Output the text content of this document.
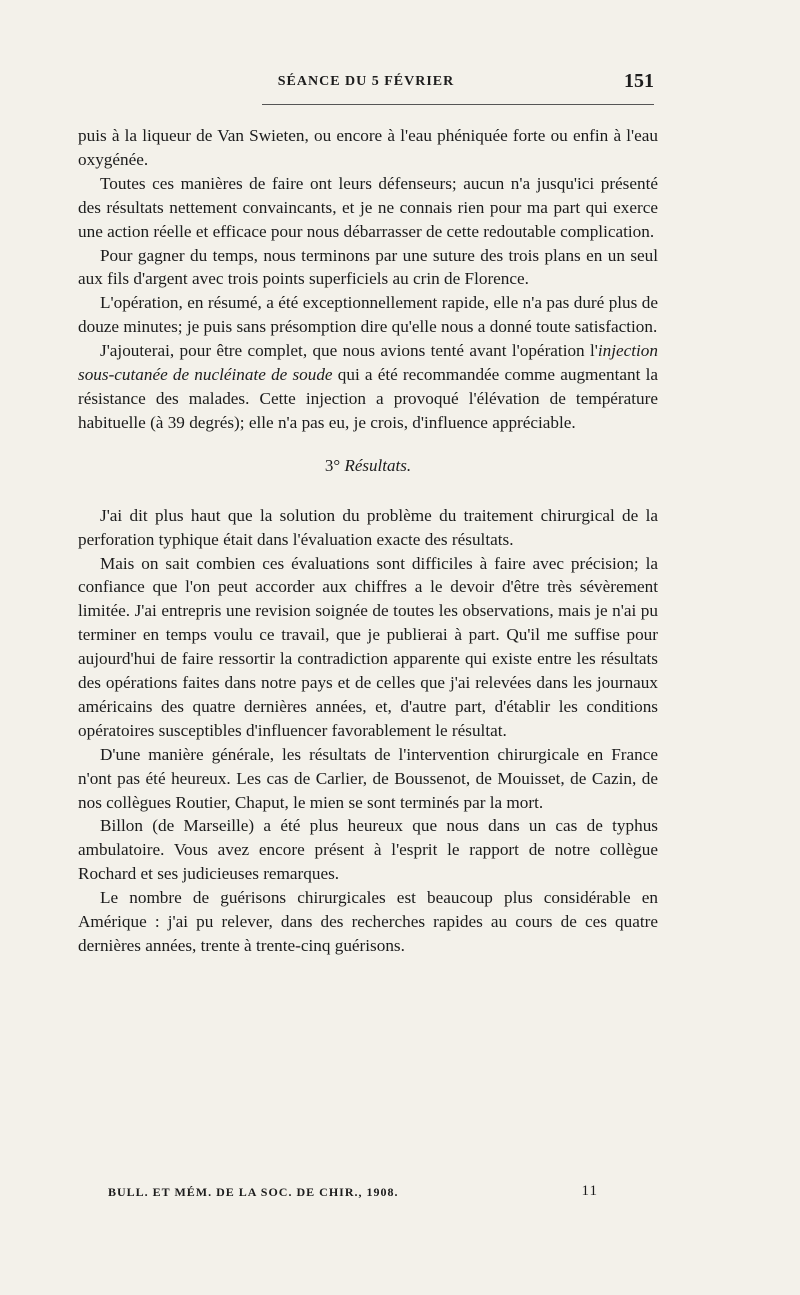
SÉANCE DU 5 FÉVRIER	151

puis à la liqueur de Van Swieten, ou encore à l'eau phéniquée forte ou enfin à l'eau oxygénée.

Toutes ces manières de faire ont leurs défenseurs; aucun n'a jusqu'ici présenté des résultats nettement convaincants, et je ne connais rien pour ma part qui exerce une action réelle et efficace pour nous débarrasser de cette redoutable complication.

Pour gagner du temps, nous terminons par une suture des trois plans en un seul aux fils d'argent avec trois points superficiels au crin de Florence.

L'opération, en résumé, a été exceptionnellement rapide, elle n'a pas duré plus de douze minutes; je puis sans présomption dire qu'elle nous a donné toute satisfaction.

J'ajouterai, pour être complet, que nous avions tenté avant l'opération l'injection sous-cutanée de nucléinate de soude qui a été recommandée comme augmentant la résistance des malades. Cette injection a provoqué l'élévation de température habituelle (à 39 degrés); elle n'a pas eu, je crois, d'influence appréciable.

3° Résultats.

J'ai dit plus haut que la solution du problème du traitement chirurgical de la perforation typhique était dans l'évaluation exacte des résultats.

Mais on sait combien ces évaluations sont difficiles à faire avec précision; la confiance que l'on peut accorder aux chiffres a le devoir d'être très sévèrement limitée. J'ai entrepris une revision soignée de toutes les observations, mais je n'ai pu terminer en temps voulu ce travail, que je publierai à part. Qu'il me suffise pour aujourd'hui de faire ressortir la contradiction apparente qui existe entre les résultats des opérations faites dans notre pays et de celles que j'ai relevées dans les journaux américains des quatre dernières années, et, d'autre part, d'établir les conditions opératoires susceptibles d'influencer favorablement le résultat.

D'une manière générale, les résultats de l'intervention chirurgicale en France n'ont pas été heureux. Les cas de Carlier, de Boussenot, de Mouisset, de Cazin, de nos collègues Routier, Chaput, le mien se sont terminés par la mort.

Billon (de Marseille) a été plus heureux que nous dans un cas de typhus ambulatoire. Vous avez encore présent à l'esprit le rapport de notre collègue Rochard et ses judicieuses remarques.

Le nombre de guérisons chirurgicales est beaucoup plus considérable en Amérique : j'ai pu relever, dans des recherches rapides au cours de ces quatre dernières années, trente à trente-cinq guérisons.

BULL. ET MÉM. DE LA SOC. DE CHIR., 1908.	11
